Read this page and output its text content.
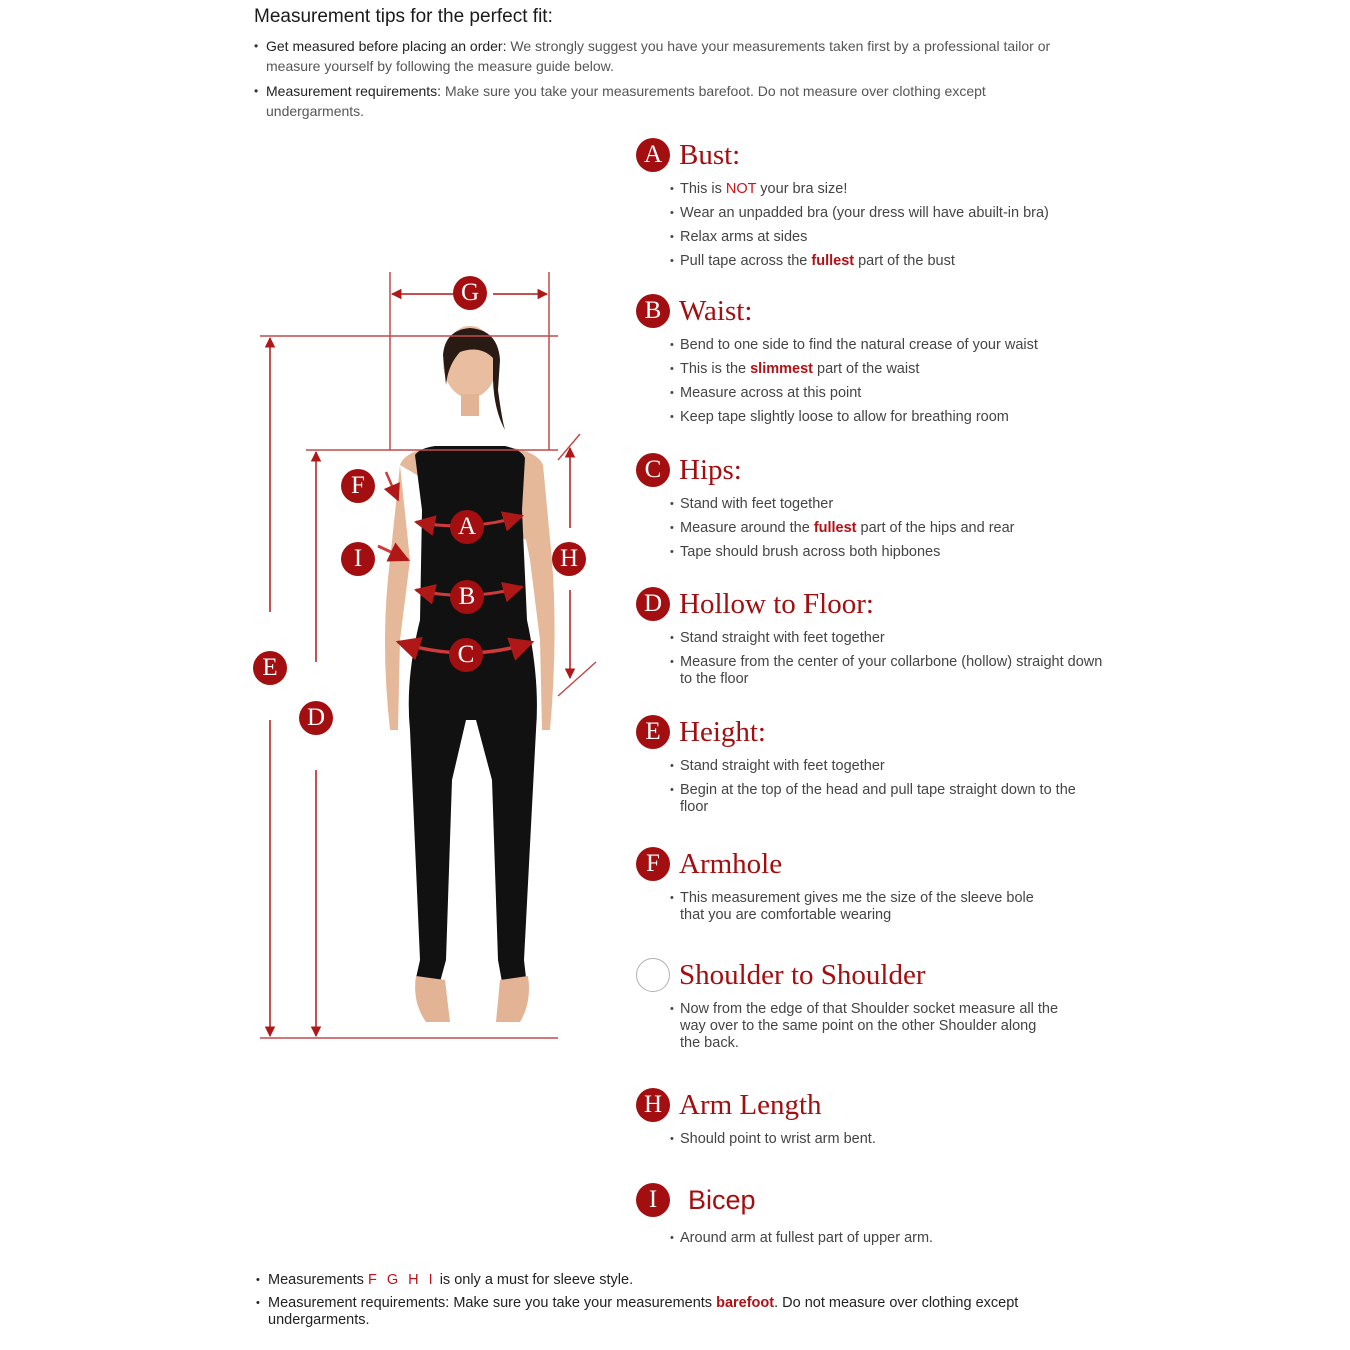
Measurement tips for the perfect fit:
• Get measured before placing an order: We strongly suggest you have your measurements taken first by a professional tailor or measure yourself by following the measure guide below.
• Measurement requirements: Make sure you take your measurements barefoot. Do not measure over clothing except undergarments.
G
F
I
A
B
C
H
E
D
A Bust:
• This is NOT your bra size!
• Wear an unpadded bra (your dress will have abuilt-in bra)
• Relax arms at sides
• Pull tape across the fullest part of the bust
B Waist:
• Bend to one side to find the natural crease of your waist
• This is the slimmest part of the waist
• Measure across at this point
• Keep tape slightly loose to allow for breathing room
C Hips:
• Stand with feet together
• Measure around the fullest part of the hips and rear
• Tape should brush across both hipbones
D Hollow to Floor:
• Stand straight with feet together
• Measure from the center of your collarbone (hollow) straight down to the floor
E Height:
• Stand straight with feet together
• Begin at the top of the head and pull tape straight down to the floor
F Armhole
• This measurement gives me the size of the sleeve bole that you are comfortable wearing
Shoulder to Shoulder
• Now from the edge of that Shoulder socket measure all the way over to the same point on the other Shoulder along the back.
H Arm Length
• Should point to wrist arm bent.
I	Bicep
• Around arm at fullest part of upper arm.
• Measurements F G H I is only a must for sleeve style.
• Measurement requirements: Make sure you take your measurements barefoot. Do not measure over clothing except undergarments.
